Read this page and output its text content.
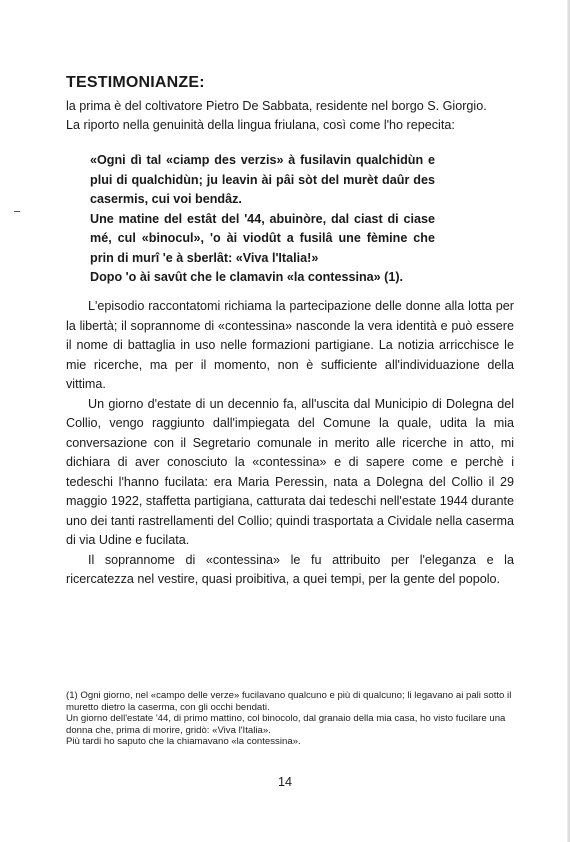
TESTIMONIANZE:

la prima è del coltivatore Pietro De Sabbata, residente nel borgo S. Giorgio.

La riporto nella genuinità della lingua friulana, così come l'ho repecita:

«Ogni dì tal «ciamp des verzis» à fusilavin qualchidùn e plui di qualchidùn; ju leavin ài pâi sòt del murèt daûr des casermis, cui voi bendâz.

Une matine del estât del '44, abuinòre, dal ciast di ciase mé, cul «binocul», 'o ài viodût a fusilâ une fèmine che prin di murî 'e à sberlât: «Viva l'Italia!»

Dopo 'o ài savût che le clamavin «la contessina» (1).

L'episodio raccontatomi richiama la partecipazione delle donne alla lotta per la libertà; il soprannome di «contessina» nasconde la vera identità e può essere il nome di battaglia in uso nelle formazioni partigiane. La notizia arricchisce le mie ricerche, ma per il momento, non è sufficiente all'individuazione della vittima.

Un giorno d'estate di un decennio fa, all'uscita dal Municipio di Dolegna del Collio, vengo raggiunto dall'impiegata del Comune la quale, udita la mia conversazione con il Segretario comunale in merito alle ricerche in atto, mi dichiara di aver conosciuto la «contessina» e di sapere come e perchè i tedeschi l'hanno fucilata: era Maria Peressin, nata a Dolegna del Collio il 29 maggio 1922, staffetta partigiana, catturata dai tedeschi nell'estate 1944 durante uno dei tanti rastrellamenti del Collio; quindi trasportata a Cividale nella caserma di via Udine e fucilata.

Il soprannome di «contessina» le fu attribuito per l'eleganza e la ricercatezza nel vestire, quasi proibitiva, a quei tempi, per la gente del popolo.

(1) Ogni giorno, nel «campo delle verze» fucilavano qualcuno e più di qualcuno; li legavano ai pali sotto il muretto dietro la caserma, con gli occhi bendati.

Un giorno dell'estate '44, di primo mattino, col binocolo, dal granaio della mia casa, ho visto fucilare una donna che, prima di morire, gridò: «Viva l'Italia».

Più tardi ho saputo che la chiamavano «la contessina».

14
